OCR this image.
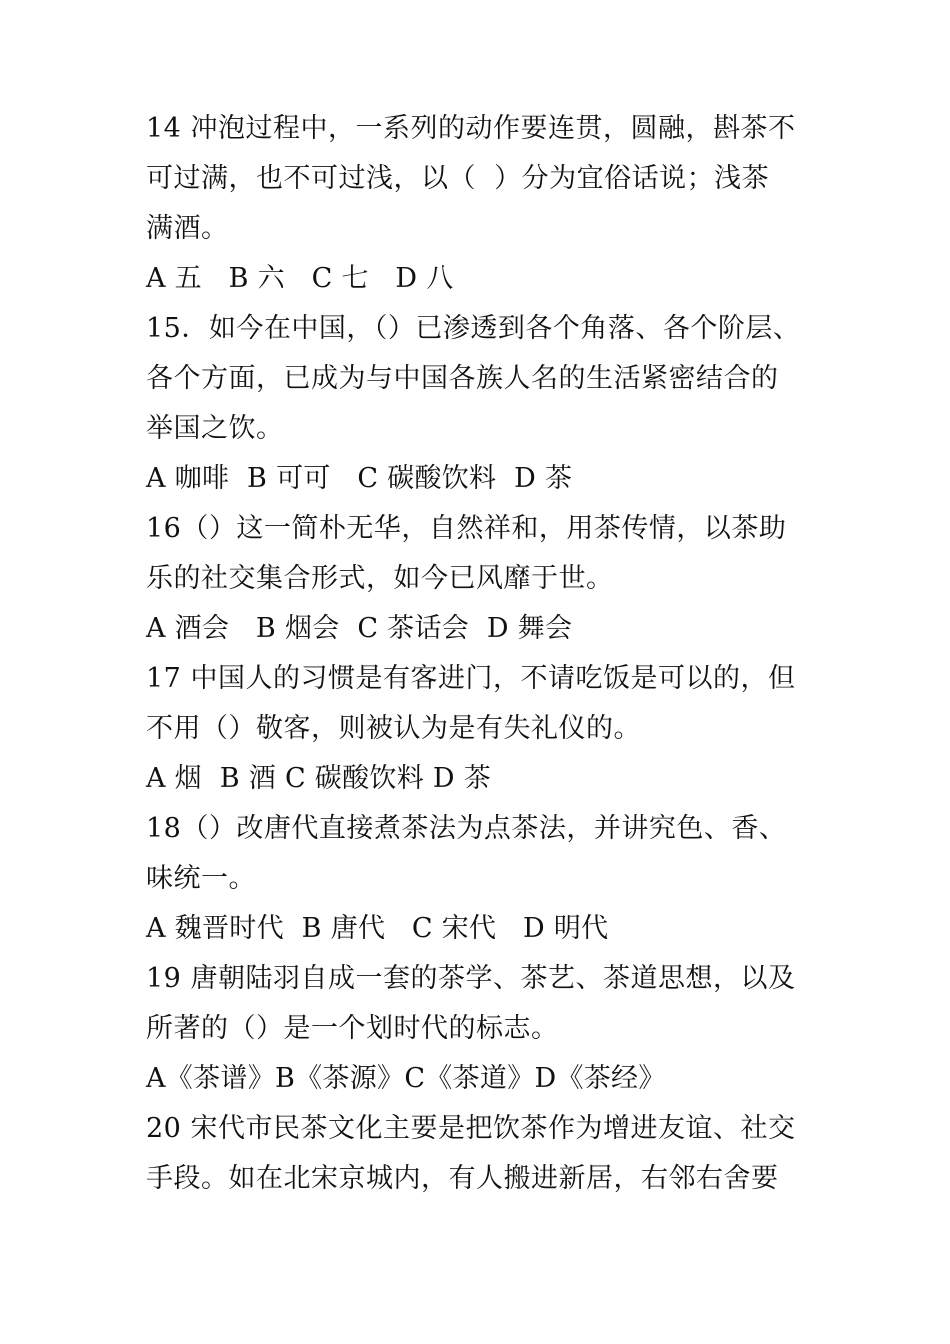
14 冲泡过程中，一系列的动作要连贯，圆融，斟茶不

可过满，也不可过浅，以（  ）分为宜俗话说；浅茶

满酒。

A 五   B 六   C 七   D 八

15．如今在中国，（）已渗透到各个角落、各个阶层、

各个方面，已成为与中国各族人名的生活紧密结合的

举国之饮。

A 咖啡  B 可可   C 碳酸饮料  D 茶

16（）这一简朴无华，自然祥和，用茶传情，以茶助

乐的社交集合形式，如今已风靡于世。

A 酒会   B 烟会  C 茶话会  D 舞会

17 中国人的习惯是有客进门，不请吃饭是可以的，但

不用（）敬客，则被认为是有失礼仪的。

A 烟  B 酒 C 碳酸饮料 D 茶

18（）改唐代直接煮茶法为点茶法，并讲究色、香、

味统一。

A 魏晋时代  B 唐代   C 宋代   D 明代

19 唐朝陆羽自成一套的茶学、茶艺、茶道思想，以及

所著的（）是一个划时代的标志。

A《茶谱》B《茶源》C《茶道》D《茶经》

20 宋代市民茶文化主要是把饮茶作为增进友谊、社交

手段。如在北宋京城内，有人搬进新居，右邻右舍要
